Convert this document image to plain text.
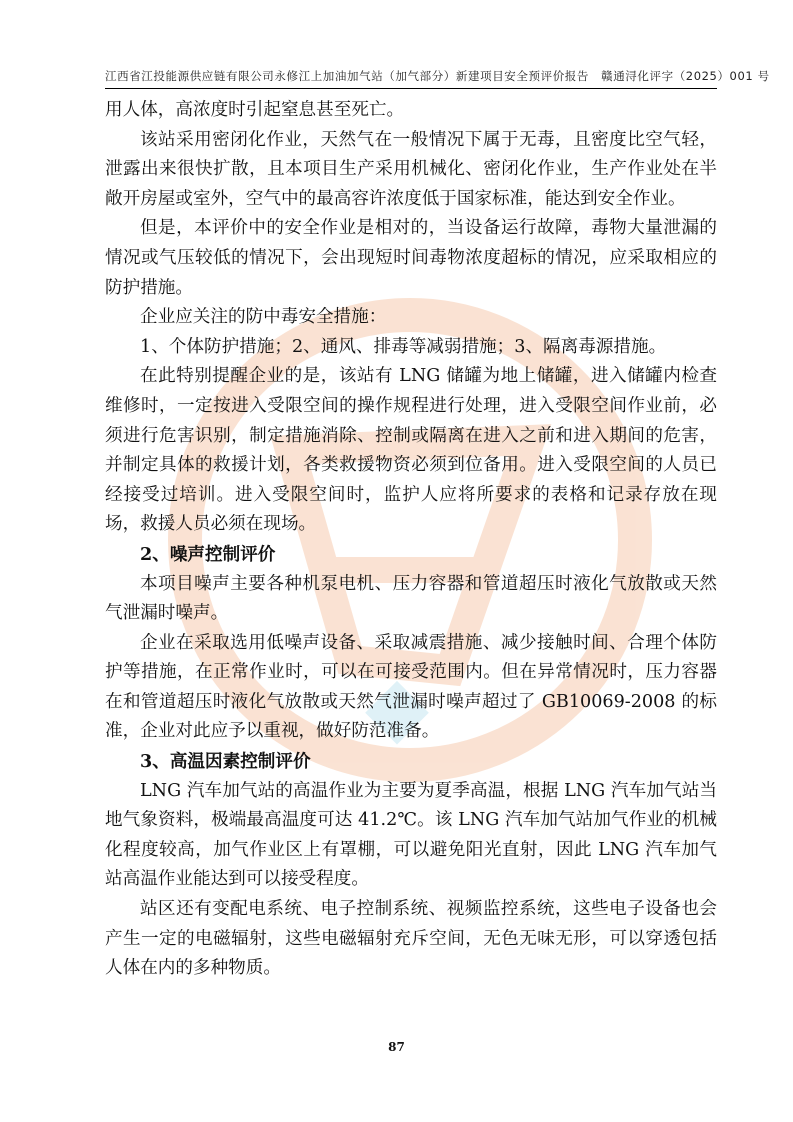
江西省江投能源供应链有限公司永修江上加油加气站（加气部分）新建项目安全预评价报告　赣通浔化评字（2025）001 号

用人体，高浓度时引起窒息甚至死亡。

该站采用密闭化作业，天然气在一般情况下属于无毒，且密度比空气轻，泄露出来很快扩散，且本项目生产采用机械化、密闭化作业，生产作业处在半敞开房屋或室外，空气中的最高容许浓度低于国家标准，能达到安全作业。

但是，本评价中的安全作业是相对的，当设备运行故障，毒物大量泄漏的情况或气压较低的情况下，会出现短时间毒物浓度超标的情况，应采取相应的防护措施。

企业应关注的防中毒安全措施：

1、个体防护措施；2、通风、排毒等减弱措施；3、隔离毒源措施。

在此特别提醒企业的是，该站有 LNG 储罐为地上储罐，进入储罐内检查维修时，一定按进入受限空间的操作规程进行处理，进入受限空间作业前，必须进行危害识别，制定措施消除、控制或隔离在进入之前和进入期间的危害，并制定具体的救援计划，各类救援物资必须到位备用。进入受限空间的人员已经接受过培训。进入受限空间时，监护人应将所要求的表格和记录存放在现场，救援人员必须在现场。

2、噪声控制评价

本项目噪声主要各种机泵电机、压力容器和管道超压时液化气放散或天然气泄漏时噪声。

企业在采取选用低噪声设备、采取减震措施、减少接触时间、合理个体防护等措施，在正常作业时，可以在可接受范围内。但在异常情况时，压力容器在和管道超压时液化气放散或天然气泄漏时噪声超过了 GB10069-2008 的标准，企业对此应予以重视，做好防范准备。

3、高温因素控制评价

LNG 汽车加气站的高温作业为主要为夏季高温，根据 LNG 汽车加气站当地气象资料，极端最高温度可达 41.2℃。该 LNG 汽车加气站加气作业的机械化程度较高，加气作业区上有罩棚，可以避免阳光直射，因此 LNG 汽车加气站高温作业能达到可以接受程度。

站区还有变配电系统、电子控制系统、视频监控系统，这些电子设备也会产生一定的电磁辐射，这些电磁辐射充斥空间，无色无味无形，可以穿透包括人体在内的多种物质。

87
